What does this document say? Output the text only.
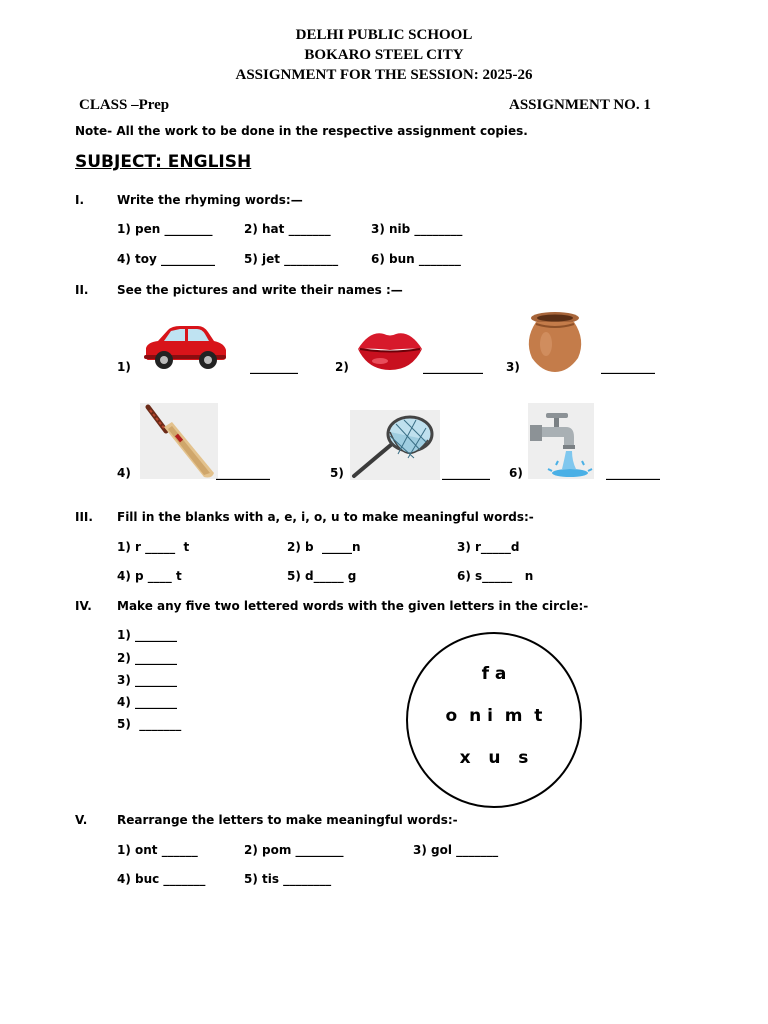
DELHI PUBLIC SCHOOL
BOKARO STEEL CITY
ASSIGNMENT FOR THE SESSION: 2025-26
CLASS –Prep	ASSIGNMENT NO. 1
Note- All the work to be done in the respective assignment copies.
SUBJECT: ENGLISH
I.	Write the rhyming words:—
1) pen ________	2) hat _______	3) nib ________
4) toy _________ 5) jet _________	6) bun _______
II. See the pictures and write their names :—
1)	________	2)	__________ 3)	_________
4)	_________	5)	________ 6)	_________
III. Fill in the blanks with a, e, i, o, u to make meaningful words:-
1) r _____  t	2) b  _____n	3) r_____d
4) p ____ t	5) d_____ g	6) s_____   n
IV. Make any five two lettered words with the given letters in the circle:-
1) _______
2) _______
3) _______
4) _______
5)  _______
f a
o  n i  m  t
x   u   s
V. Rearrange the letters to make meaningful words:-
1) ont ______	2) pom ________	3) gol _______
4) buc _______	5) tis ________
